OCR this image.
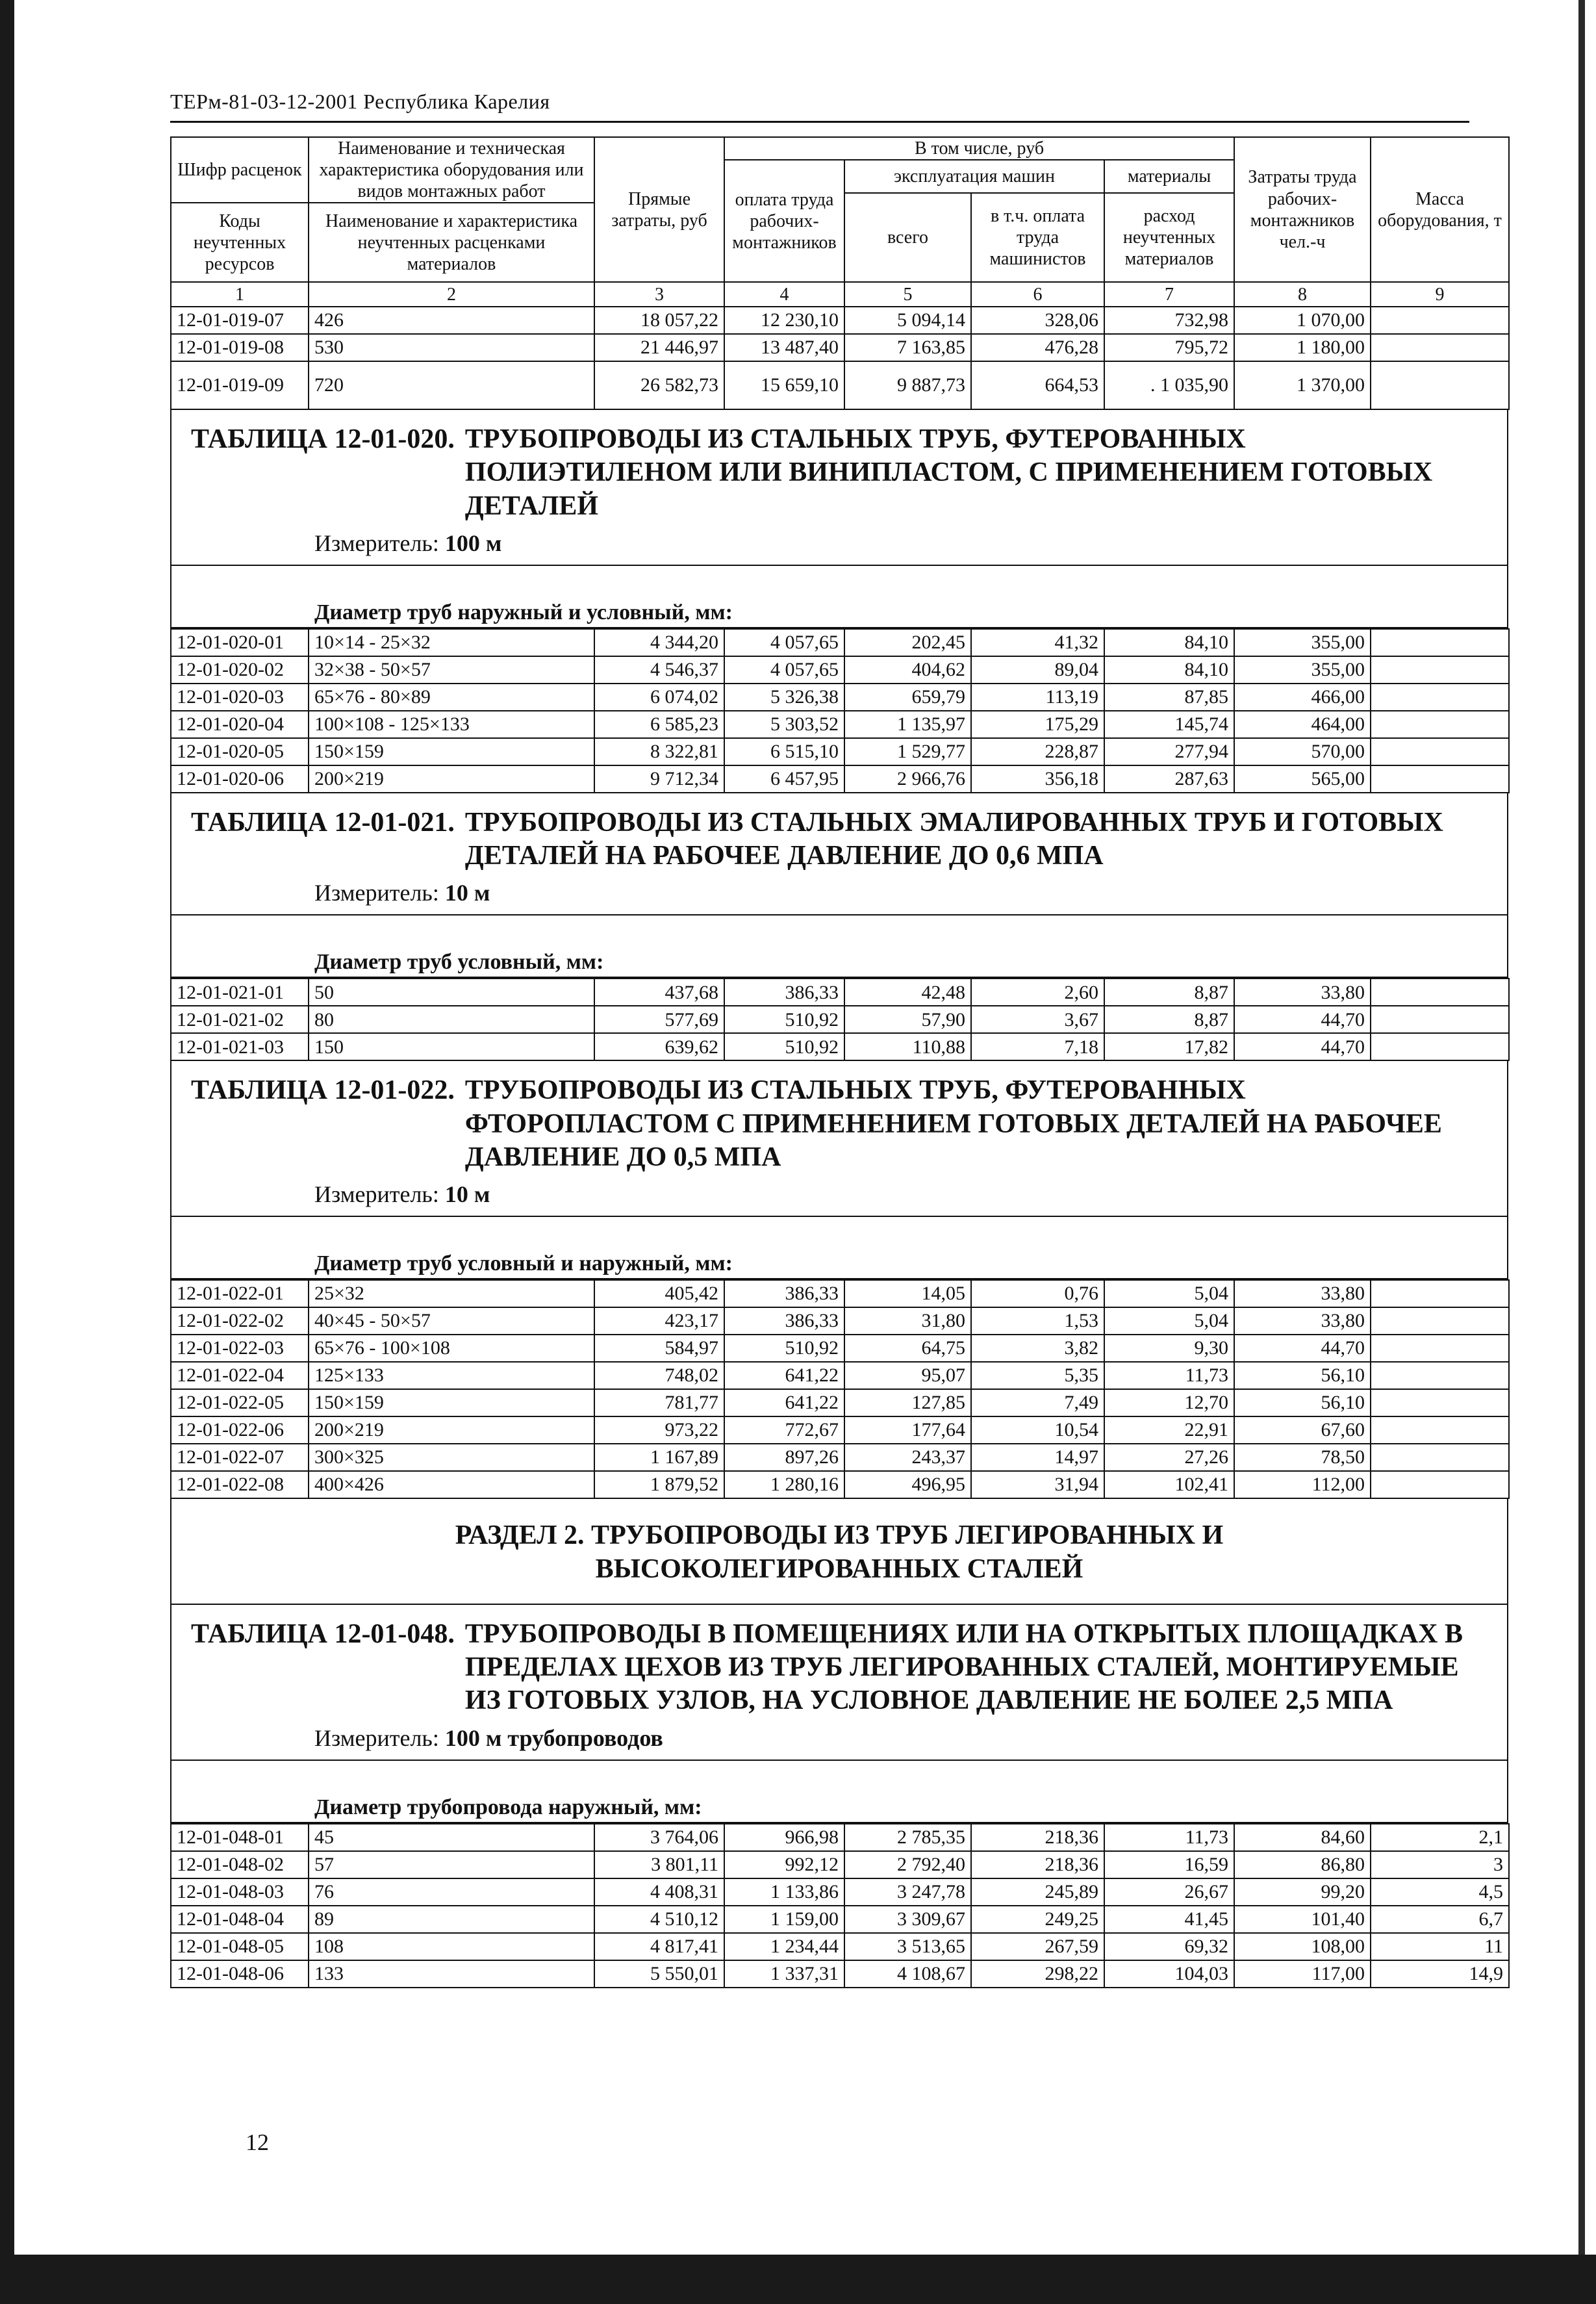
ТЕРм-81-03-12-2001 Республика Карелия
Шифр расценок	Наименование и техническая характеристика оборудования или видов монтажных работ	Прямые затраты, руб	В том числе, руб				Затраты труда рабочих-монтажников чел.-ч	Масса оборудования, т
			оплата труда рабочих-монтажников	эксплуатация машин		материалы		
				всего	в т.ч. оплата труда машинистов	расход неучтенных материалов		
Коды неучтенных ресурсов	Наименование и характеристика неучтенных расценками материалов							

1	2	3	4	5	6	7	8	9
12-01-019-07	426	18 057,22	12 230,10	5 094,14	328,06	732,98	1 070,00	
12-01-019-08	530	21 446,97	13 487,40	7 163,85	476,28	795,72	1 180,00	
12-01-019-09	720	26 582,73	15 659,10	9 887,73	664,53	. 1 035,90	1 370,00	
ТАБЛИЦА 12-01-020. ТРУБОПРОВОДЫ ИЗ СТАЛЬНЫХ ТРУБ, ФУТЕРОВАННЫХ ПОЛИЭТИЛЕНОМ ИЛИ ВИНИПЛАСТОМ, С ПРИМЕНЕНИЕМ ГОТОВЫХ ДЕТАЛЕЙ
Измеритель: 100 м
Диаметр труб наружный и условный, мм:
12-01-020-01	10×14 - 25×32	4 344,20	4 057,65	202,45	41,32	84,10	355,00	
12-01-020-02	32×38 - 50×57	4 546,37	4 057,65	404,62	89,04	84,10	355,00	
12-01-020-03	65×76 - 80×89	6 074,02	5 326,38	659,79	113,19	87,85	466,00	
12-01-020-04	100×108 - 125×133	6 585,23	5 303,52	1 135,97	175,29	145,74	464,00	
12-01-020-05	150×159	8 322,81	6 515,10	1 529,77	228,87	277,94	570,00	
12-01-020-06	200×219	9 712,34	6 457,95	2 966,76	356,18	287,63	565,00	
ТАБЛИЦА 12-01-021. ТРУБОПРОВОДЫ ИЗ СТАЛЬНЫХ ЭМАЛИРОВАННЫХ ТРУБ И ГОТОВЫХ ДЕТАЛЕЙ НА РАБОЧЕЕ ДАВЛЕНИЕ ДО 0,6 МПА
Измеритель: 10 м
Диаметр труб условный, мм:
12-01-021-01	50	437,68	386,33	42,48	2,60	8,87	33,80	
12-01-021-02	80	577,69	510,92	57,90	3,67	8,87	44,70	
12-01-021-03	150	639,62	510,92	110,88	7,18	17,82	44,70	
ТАБЛИЦА 12-01-022. ТРУБОПРОВОДЫ ИЗ СТАЛЬНЫХ ТРУБ, ФУТЕРОВАННЫХ ФТОРОПЛАСТОМ С ПРИМЕНЕНИЕМ ГОТОВЫХ ДЕТАЛЕЙ НА РАБОЧЕЕ ДАВЛЕНИЕ ДО 0,5 МПА
Измеритель: 10 м
Диаметр труб условный и наружный, мм:
12-01-022-01	25×32	405,42	386,33	14,05	0,76	5,04	33,80	
12-01-022-02	40×45 - 50×57	423,17	386,33	31,80	1,53	5,04	33,80	
12-01-022-03	65×76 - 100×108	584,97	510,92	64,75	3,82	9,30	44,70	
12-01-022-04	125×133	748,02	641,22	95,07	5,35	11,73	56,10	
12-01-022-05	150×159	781,77	641,22	127,85	7,49	12,70	56,10	
12-01-022-06	200×219	973,22	772,67	177,64	10,54	22,91	67,60	
12-01-022-07	300×325	1 167,89	897,26	243,37	14,97	27,26	78,50	
12-01-022-08	400×426	1 879,52	1 280,16	496,95	31,94	102,41	112,00	
РАЗДЕЛ 2. ТРУБОПРОВОДЫ ИЗ ТРУБ ЛЕГИРОВАННЫХ И
ВЫСОКОЛЕГИРОВАННЫХ СТАЛЕЙ
ТАБЛИЦА 12-01-048. ТРУБОПРОВОДЫ В ПОМЕЩЕНИЯХ ИЛИ НА ОТКРЫТЫХ ПЛОЩАДКАХ В ПРЕДЕЛАХ ЦЕХОВ ИЗ ТРУБ ЛЕГИРОВАННЫХ СТАЛЕЙ, МОНТИРУЕМЫЕ ИЗ ГОТОВЫХ УЗЛОВ, НА УСЛОВНОЕ ДАВЛЕНИЕ НЕ БОЛЕЕ 2,5 МПА
Измеритель: 100 м трубопроводов
Диаметр трубопровода наружный, мм:
12-01-048-01	45	3 764,06	966,98	2 785,35	218,36	11,73	84,60	2,1
12-01-048-02	57	3 801,11	992,12	2 792,40	218,36	16,59	86,80	3
12-01-048-03	76	4 408,31	1 133,86	3 247,78	245,89	26,67	99,20	4,5
12-01-048-04	89	4 510,12	1 159,00	3 309,67	249,25	41,45	101,40	6,7
12-01-048-05	108	4 817,41	1 234,44	3 513,65	267,59	69,32	108,00	11
12-01-048-06	133	5 550,01	1 337,31	4 108,67	298,22	104,03	117,00	14,9
12
